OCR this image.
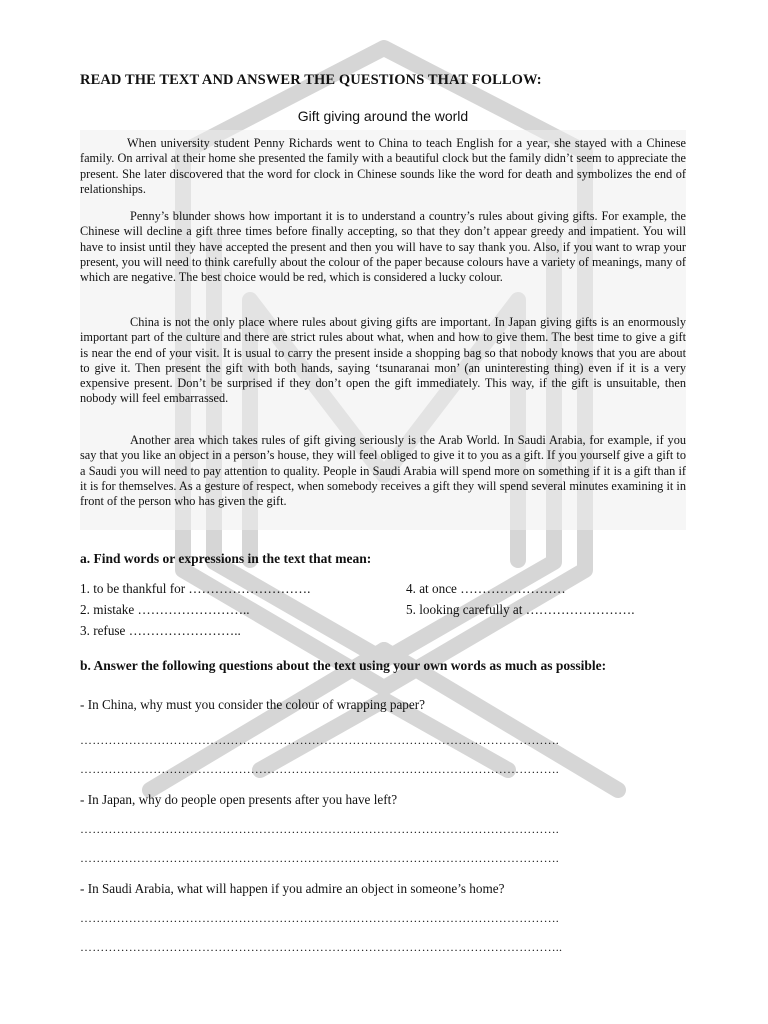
READ THE TEXT AND ANSWER THE QUESTIONS THAT FOLLOW:
Gift giving around the world
When university student Penny Richards went to China to teach English for a year, she stayed with a Chinese family. On arrival at their home she presented the family with a beautiful clock but the family didn’t seem to appreciate the present. She later discovered that the word for clock in Chinese sounds like the word for death and symbolizes the end of relationships.
Penny’s blunder shows how important it is to understand a country’s rules about giving gifts. For example, the Chinese will decline a gift three times before finally accepting, so that they don’t appear greedy and impatient. You will have to insist until they have accepted the present and then you will have to say thank you. Also, if you want to wrap your present, you will need to think carefully about the colour of the paper because colours have a variety of meanings, many of which are negative. The best choice would be red, which is considered a lucky colour.
China is not the only place where rules about giving gifts are important. In Japan giving gifts is an enormously important part of the culture and there are strict rules about what, when and how to give them. The best time to give a gift is near the end of your visit. It is usual to carry the present inside a shopping bag so that nobody knows that you are about to give it. Then present the gift with both hands, saying ‘tsunaranai mon’ (an uninteresting thing) even if it is a very expensive present. Don’t be surprised if they don’t open the gift immediately. This way, if the gift is unsuitable, then nobody will feel embarrassed.
Another area which takes rules of gift giving seriously is the Arab World. In Saudi Arabia, for example, if you say that you like an object in a person’s house, they will feel obliged to give it to you as a gift. If you yourself give a gift to a Saudi you will need to pay attention to quality. People in Saudi Arabia will spend more on something if it is a gift than if it is for themselves. As a gesture of respect, when somebody receives a gift they will spend several minutes examining it in front of the person who has given the gift.
a. Find words or expressions in the text that mean:
1. to be thankful for ……………………….
2. mistake ……………………..
3. refuse ……………………..
4. at once ……………………
5. looking carefully at …………………….
b. Answer the following questions about the text using your own words as much as possible:
- In China, why must you consider the colour of wrapping paper?
……………………………………………………………………………………………………….
……………………………………………………………………………………………………….
- In Japan, why do people open presents after you have left?
……………………………………………………………………………………………………….
……………………………………………………………………………………………………….
- In Saudi Arabia, what will happen if you admire an object in someone’s home?
……………………………………………………………………………………………………….
………………………………………………………………………………………………………..
